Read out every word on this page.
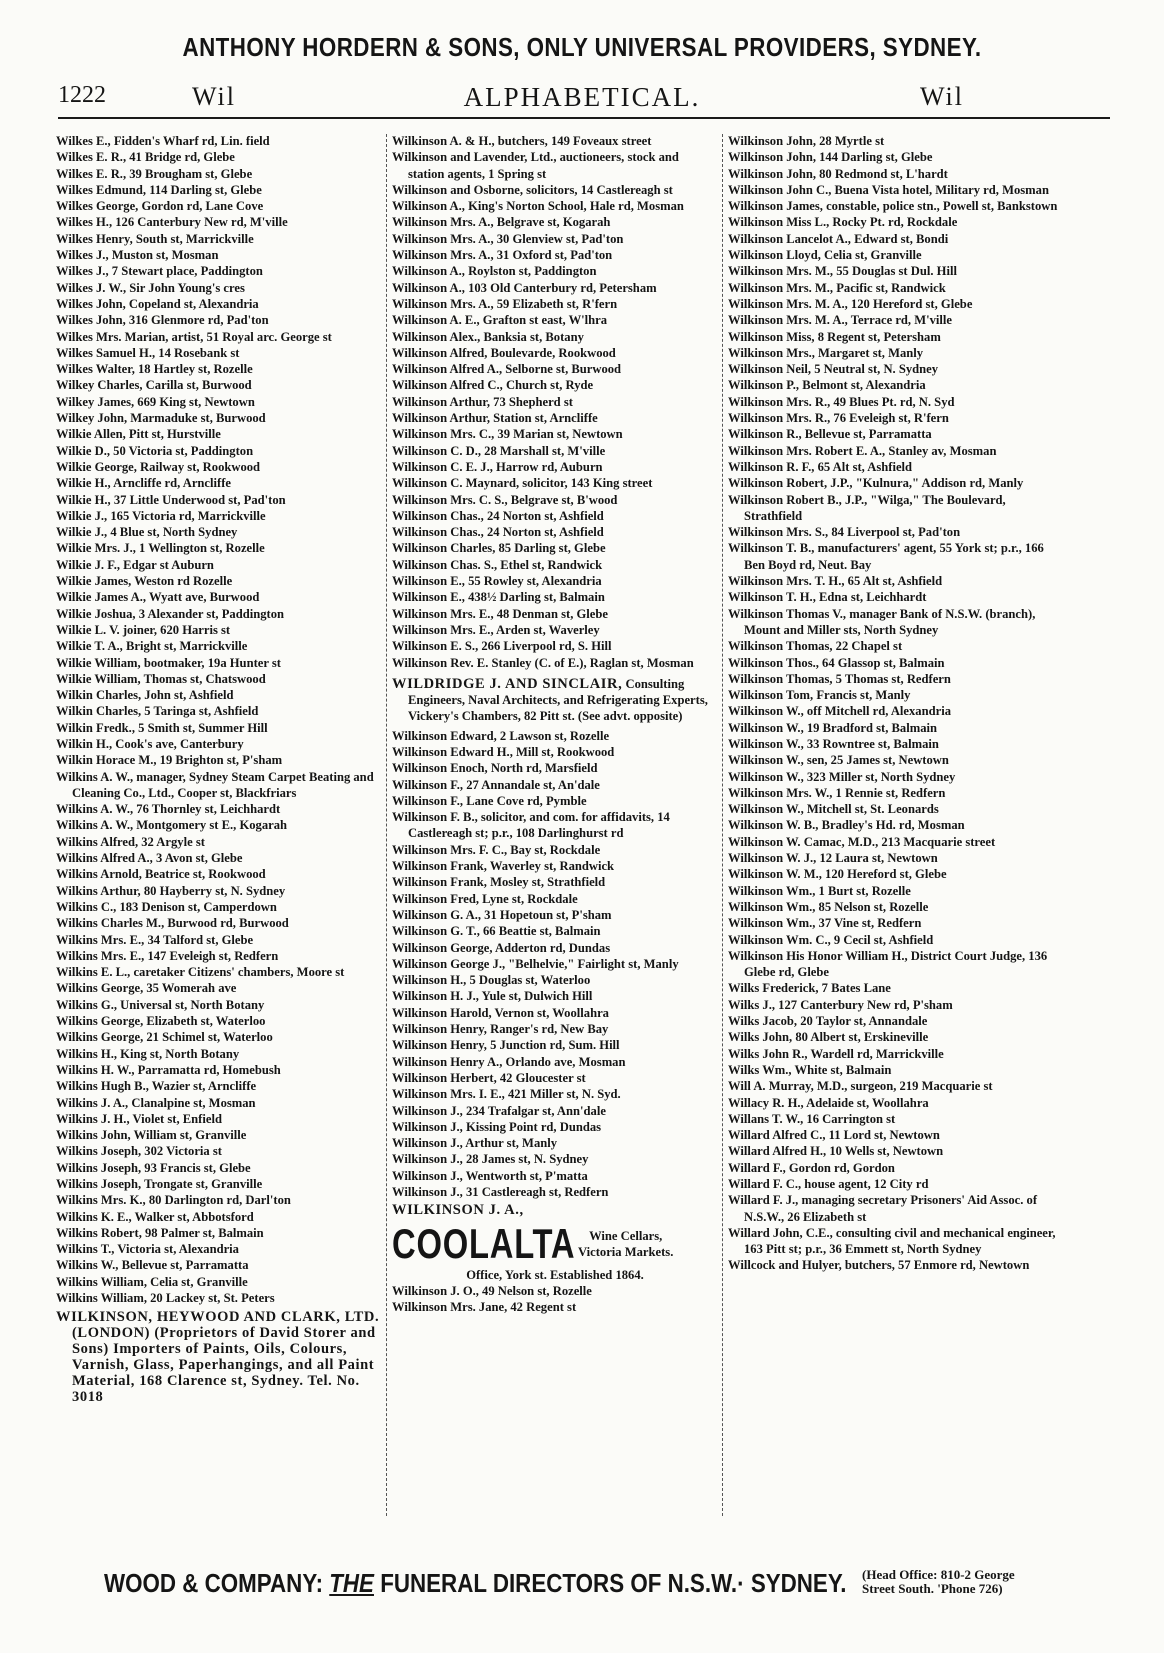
ANTHONY HORDERN & SONS, ONLY UNIVERSAL PROVIDERS, SYDNEY.
1222	Wil	ALPHABETICAL.	Wil
Wilkes E., Fidden's Wharf rd, Lin. field
Wilkes E. R., 41 Bridge rd, Glebe
Wilkes E. R., 39 Brougham st, Glebe
Wilkes Edmund, 114 Darling st, Glebe
Wilkes George, Gordon rd, Lane Cove
Wilkes H., 126 Canterbury New rd, M'ville
Wilkes Henry, South st, Marrickville
Wilkes J., Muston st, Mosman
Wilkes J., 7 Stewart place, Paddington
Wilkes J. W., Sir John Young's cres
Wilkes John, Copeland st, Alexandria
Wilkes John, 316 Glenmore rd, Pad'ton
Wilkes Mrs. Marian, artist, 51 Royal arc. George st
Wilkes Samuel H., 14 Rosebank st
Wilkes Walter, 18 Hartley st, Rozelle
Wilkey Charles, Carilla st, Burwood
Wilkey James, 669 King st, Newtown
Wilkey John, Marmaduke st, Burwood
Wilkie Allen, Pitt st, Hurstville
Wilkie D., 50 Victoria st, Paddington
Wilkie George, Railway st, Rookwood
Wilkie H., Arncliffe rd, Arncliffe
Wilkie H., 37 Little Underwood st, Pad'ton
Wilkie J., 165 Victoria rd, Marrickville
Wilkie J., 4 Blue st, North Sydney
Wilkie Mrs. J., 1 Wellington st, Rozelle
Wilkie J. F., Edgar st Auburn
Wilkie James, Weston rd Rozelle
Wilkie James A., Wyatt ave, Burwood
Wilkie Joshua, 3 Alexander st, Paddington
Wilkie L. V. joiner, 620 Harris st
Wilkie T. A., Bright st, Marrickville
Wilkie William, bootmaker, 19a Hunter st
Wilkie William, Thomas st, Chatswood
Wilkin Charles, John st, Ashfield
Wilkin Charles, 5 Taringa st, Ashfield
Wilkin Fredk., 5 Smith st, Summer Hill
Wilkin H., Cook's ave, Canterbury
Wilkin Horace M., 19 Brighton st, P'sham
Wilkins A. W., manager, Sydney Steam Carpet Beating and Cleaning Co., Ltd., Cooper st, Blackfriars
Wilkins A. W., 76 Thornley st, Leichhardt
Wilkins A. W., Montgomery st E., Kogarah
Wilkins Alfred, 32 Argyle st
Wilkins Alfred A., 3 Avon st, Glebe
Wilkins Arnold, Beatrice st, Rookwood
Wilkins Arthur, 80 Hayberry st, N. Sydney
Wilkins C., 183 Denison st, Camperdown
Wilkins Charles M., Burwood rd, Burwood
Wilkins Mrs. E., 34 Talford st, Glebe
Wilkins Mrs. E., 147 Eveleigh st, Redfern
Wilkins E. L., caretaker Citizens' chambers, Moore st
Wilkins George, 35 Womerah ave
Wilkins G., Universal st, North Botany
Wilkins George, Elizabeth st, Waterloo
Wilkins George, 21 Schimel st, Waterloo
Wilkins H., King st, North Botany
Wilkins H. W., Parramatta rd, Homebush
Wilkins Hugh B., Wazier st, Arncliffe
Wilkins J. A., Clanalpine st, Mosman
Wilkins J. H., Violet st, Enfield
Wilkins John, William st, Granville
Wilkins Joseph, 302 Victoria st
Wilkins Joseph, 93 Francis st, Glebe
Wilkins Joseph, Trongate st, Granville
Wilkins Mrs. K., 80 Darlington rd, Darl'ton
Wilkins K. E., Walker st, Abbotsford
Wilkins Robert, 98 Palmer st, Balmain
Wilkins T., Victoria st, Alexandria
Wilkins W., Bellevue st, Parramatta
Wilkins William, Celia st, Granville
Wilkins William, 20 Lackey st, St. Peters
WILKINSON, HEYWOOD AND CLARK, LTD. (LONDON) (Proprietors of David Storer and Sons) Importers of Paints, Oils, Colours, Varnish, Glass, Paperhangings, and all Paint Material, 168 Clarence st, Sydney. Tel. No. 3018
Wilkinson A. & H., butchers, 149 Foveaux street
Wilkinson and Lavender, Ltd., auctioneers, stock and station agents, 1 Spring st
Wilkinson and Osborne, solicitors, 14 Castlereagh st
Wilkinson A., King's Norton School, Hale rd, Mosman
Wilkinson Mrs. A., Belgrave st, Kogarah
Wilkinson Mrs. A., 30 Glenview st, Pad'ton
Wilkinson Mrs. A., 31 Oxford st, Pad'ton
Wilkinson A., Roylston st, Paddington
Wilkinson A., 103 Old Canterbury rd, Petersham
Wilkinson Mrs. A., 59 Elizabeth st, R'fern
Wilkinson A. E., Grafton st east, W'lhra
Wilkinson Alex., Banksia st, Botany
Wilkinson Alfred, Boulevarde, Rookwood
Wilkinson Alfred A., Selborne st, Burwood
Wilkinson Alfred C., Church st, Ryde
Wilkinson Arthur, 73 Shepherd st
Wilkinson Arthur, Station st, Arncliffe
Wilkinson Mrs. C., 39 Marian st, Newtown
Wilkinson C. D., 28 Marshall st, M'ville
Wilkinson C. E. J., Harrow rd, Auburn
Wilkinson C. Maynard, solicitor, 143 King street
Wilkinson Mrs. C. S., Belgrave st, B'wood
Wilkinson Chas., 24 Norton st, Ashfield
Wilkinson Chas., 24 Norton st, Ashfield
Wilkinson Charles, 85 Darling st, Glebe
Wilkinson Chas. S., Ethel st, Randwick
Wilkinson E., 55 Rowley st, Alexandria
Wilkinson E., 438½ Darling st, Balmain
Wilkinson Mrs. E., 48 Denman st, Glebe
Wilkinson Mrs. E., Arden st, Waverley
Wilkinson E. S., 266 Liverpool rd, S. Hill
Wilkinson Rev. E. Stanley (C. of E.), Raglan st, Mosman
WILDRIDGE J. AND SINCLAIR, Consulting Engineers, Naval Architects, and Refrigerating Experts, Vickery's Chambers, 82 Pitt st. (See advt. opposite)
Wilkinson Edward, 2 Lawson st, Rozelle
Wilkinson Edward H., Mill st, Rookwood
Wilkinson Enoch, North rd, Marsfield
Wilkinson F., 27 Annandale st, An'dale
Wilkinson F., Lane Cove rd, Pymble
Wilkinson F. B., solicitor, and com. for affidavits, 14 Castlereagh st; p.r., 108 Darlinghurst rd
Wilkinson Mrs. F. C., Bay st, Rockdale
Wilkinson Frank, Waverley st, Randwick
Wilkinson Frank, Mosley st, Strathfield
Wilkinson Fred, Lyne st, Rockdale
Wilkinson G. A., 31 Hopetoun st, P'sham
Wilkinson G. T., 66 Beattie st, Balmain
Wilkinson George, Adderton rd, Dundas
Wilkinson George J., "Belhelvie," Fairlight st, Manly
Wilkinson H., 5 Douglas st, Waterloo
Wilkinson H. J., Yule st, Dulwich Hill
Wilkinson Harold, Vernon st, Woollahra
Wilkinson Henry, Ranger's rd, New Bay
Wilkinson Henry, 5 Junction rd, Sum. Hill
Wilkinson Henry A., Orlando ave, Mosman
Wilkinson Herbert, 42 Gloucester st
Wilkinson Mrs. I. E., 421 Miller st, N. Syd.
Wilkinson J., 234 Trafalgar st, Ann'dale
Wilkinson J., Kissing Point rd, Dundas
Wilkinson J., Arthur st, Manly
Wilkinson J., 28 James st, N. Sydney
Wilkinson J., Wentworth st, P'matta
Wilkinson J., 31 Castlereagh st, Redfern
WILKINSON J. A.,
COOLALTA	Wine Cellars,
Victoria Markets.
Office, York st. Established 1864.
Wilkinson J. O., 49 Nelson st, Rozelle
Wilkinson Mrs. Jane, 42 Regent st
Wilkinson John, 28 Myrtle st
Wilkinson John, 144 Darling st, Glebe
Wilkinson John, 80 Redmond st, L'hardt
Wilkinson John C., Buena Vista hotel, Military rd, Mosman
Wilkinson James, constable, police stn., Powell st, Bankstown
Wilkinson Miss L., Rocky Pt. rd, Rockdale
Wilkinson Lancelot A., Edward st, Bondi
Wilkinson Lloyd, Celia st, Granville
Wilkinson Mrs. M., 55 Douglas st Dul. Hill
Wilkinson Mrs. M., Pacific st, Randwick
Wilkinson Mrs. M. A., 120 Hereford st, Glebe
Wilkinson Mrs. M. A., Terrace rd, M'ville
Wilkinson Miss, 8 Regent st, Petersham
Wilkinson Mrs., Margaret st, Manly
Wilkinson Neil, 5 Neutral st, N. Sydney
Wilkinson P., Belmont st, Alexandria
Wilkinson Mrs. R., 49 Blues Pt. rd, N. Syd
Wilkinson Mrs. R., 76 Eveleigh st, R'fern
Wilkinson R., Bellevue st, Parramatta
Wilkinson Mrs. Robert E. A., Stanley av, Mosman
Wilkinson R. F., 65 Alt st, Ashfield
Wilkinson Robert, J.P., "Kulnura," Addison rd, Manly
Wilkinson Robert B., J.P., "Wilga," The Boulevard, Strathfield
Wilkinson Mrs. S., 84 Liverpool st, Pad'ton
Wilkinson T. B., manufacturers' agent, 55 York st; p.r., 166 Ben Boyd rd, Neut. Bay
Wilkinson Mrs. T. H., 65 Alt st, Ashfield
Wilkinson T. H., Edna st, Leichhardt
Wilkinson Thomas V., manager Bank of N.S.W. (branch), Mount and Miller sts, North Sydney
Wilkinson Thomas, 22 Chapel st
Wilkinson Thos., 64 Glassop st, Balmain
Wilkinson Thomas, 5 Thomas st, Redfern
Wilkinson Tom, Francis st, Manly
Wilkinson W., off Mitchell rd, Alexandria
Wilkinson W., 19 Bradford st, Balmain
Wilkinson W., 33 Rowntree st, Balmain
Wilkinson W., sen, 25 James st, Newtown
Wilkinson W., 323 Miller st, North Sydney
Wilkinson Mrs. W., 1 Rennie st, Redfern
Wilkinson W., Mitchell st, St. Leonards
Wilkinson W. B., Bradley's Hd. rd, Mosman
Wilkinson W. Camac, M.D., 213 Macquarie street
Wilkinson W. J., 12 Laura st, Newtown
Wilkinson W. M., 120 Hereford st, Glebe
Wilkinson Wm., 1 Burt st, Rozelle
Wilkinson Wm., 85 Nelson st, Rozelle
Wilkinson Wm., 37 Vine st, Redfern
Wilkinson Wm. C., 9 Cecil st, Ashfield
Wilkinson His Honor William H., District Court Judge, 136 Glebe rd, Glebe
Wilks Frederick, 7 Bates Lane
Wilks J., 127 Canterbury New rd, P'sham
Wilks Jacob, 20 Taylor st, Annandale
Wilks John, 80 Albert st, Erskineville
Wilks John R., Wardell rd, Marrickville
Wilks Wm., White st, Balmain
Will A. Murray, M.D., surgeon, 219 Macquarie st
Willacy R. H., Adelaide st, Woollahra
Willans T. W., 16 Carrington st
Willard Alfred C., 11 Lord st, Newtown
Willard Alfred H., 10 Wells st, Newtown
Willard F., Gordon rd, Gordon
Willard F. C., house agent, 12 City rd
Willard F. J., managing secretary Prisoners' Aid Assoc. of N.S.W., 26 Elizabeth st
Willard John, C.E., consulting civil and mechanical engineer, 163 Pitt st; p.r., 36 Emmett st, North Sydney
Willcock and Hulyer, butchers, 57 Enmore rd, Newtown
WOOD & COMPANY: THE FUNERAL DIRECTORS OF N.S.W.· SYDNEY. (Head Office: 810-2 George
Street South. 'Phone 726)
